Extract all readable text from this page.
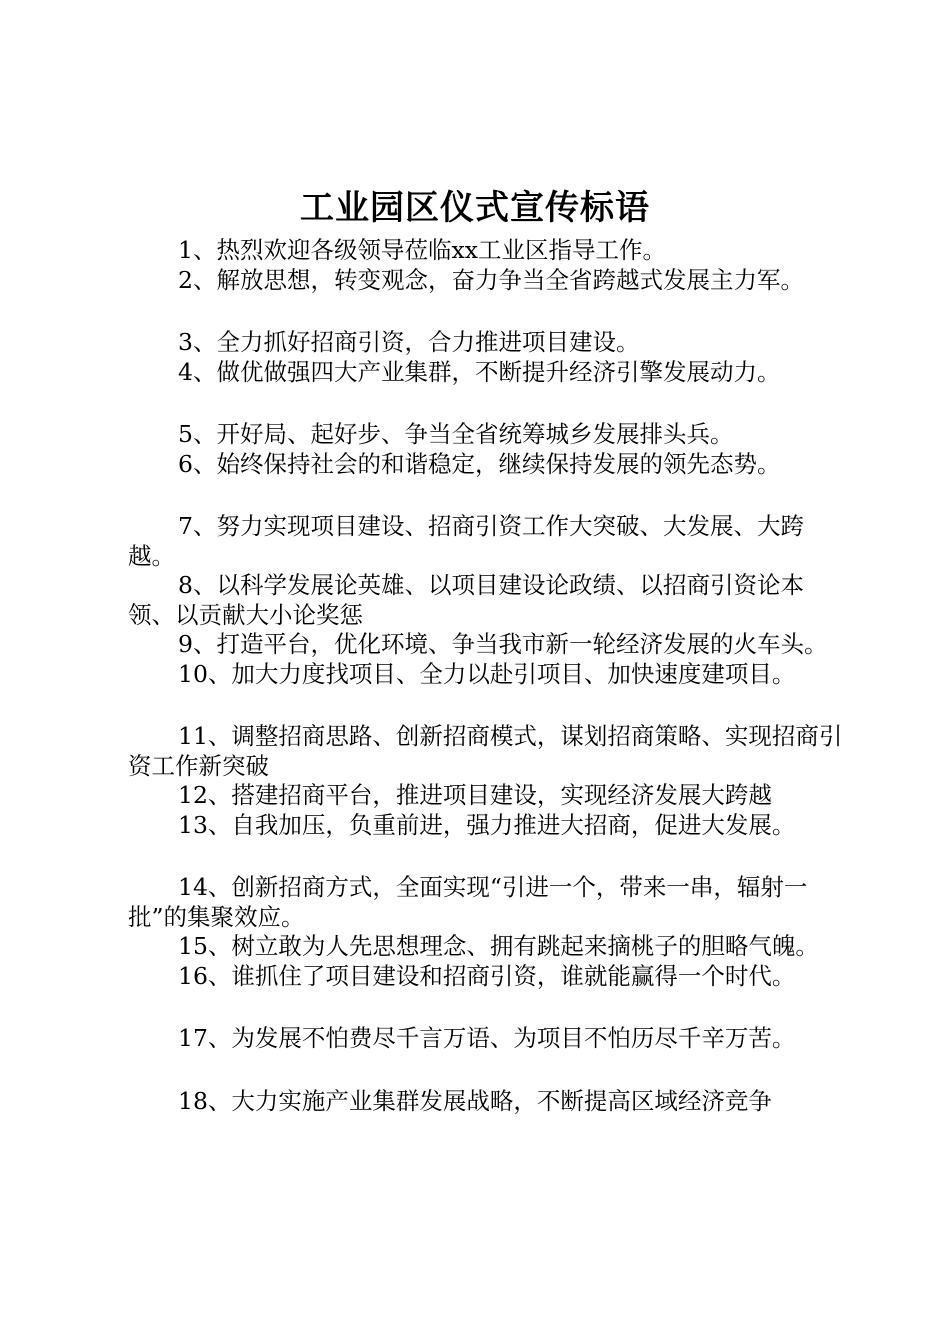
工业园区仪式宣传标语

1、热烈欢迎各级领导莅临xx工业区指导工作。

2、解放思想，转变观念，奋力争当全省跨越式发展主力军。

3、全力抓好招商引资，合力推进项目建设。

4、做优做强四大产业集群，不断提升经济引擎发展动力。

5、开好局、起好步、争当全省统筹城乡发展排头兵。

6、始终保持社会的和谐稳定，继续保持发展的领先态势。

7、努力实现项目建设、招商引资工作大突破、大发展、大跨越。

8、以科学发展论英雄、以项目建设论政绩、以招商引资论本领、以贡献大小论奖惩

9、打造平台，优化环境、争当我市新一轮经济发展的火车头。

10、加大力度找项目、全力以赴引项目、加快速度建项目。

11、调整招商思路、创新招商模式，谋划招商策略、实现招商引资工作新突破

12、搭建招商平台，推进项目建设，实现经济发展大跨越

13、自我加压，负重前进，强力推进大招商，促进大发展。

14、创新招商方式，全面实现“引进一个，带来一串，辐射一批”的集聚效应。

15、树立敢为人先思想理念、拥有跳起来摘桃子的胆略气魄。

16、谁抓住了项目建设和招商引资，谁就能赢得一个时代。

17、为发展不怕费尽千言万语、为项目不怕历尽千辛万苦。

18、大力实施产业集群发展战略，不断提高区域经济竞争
